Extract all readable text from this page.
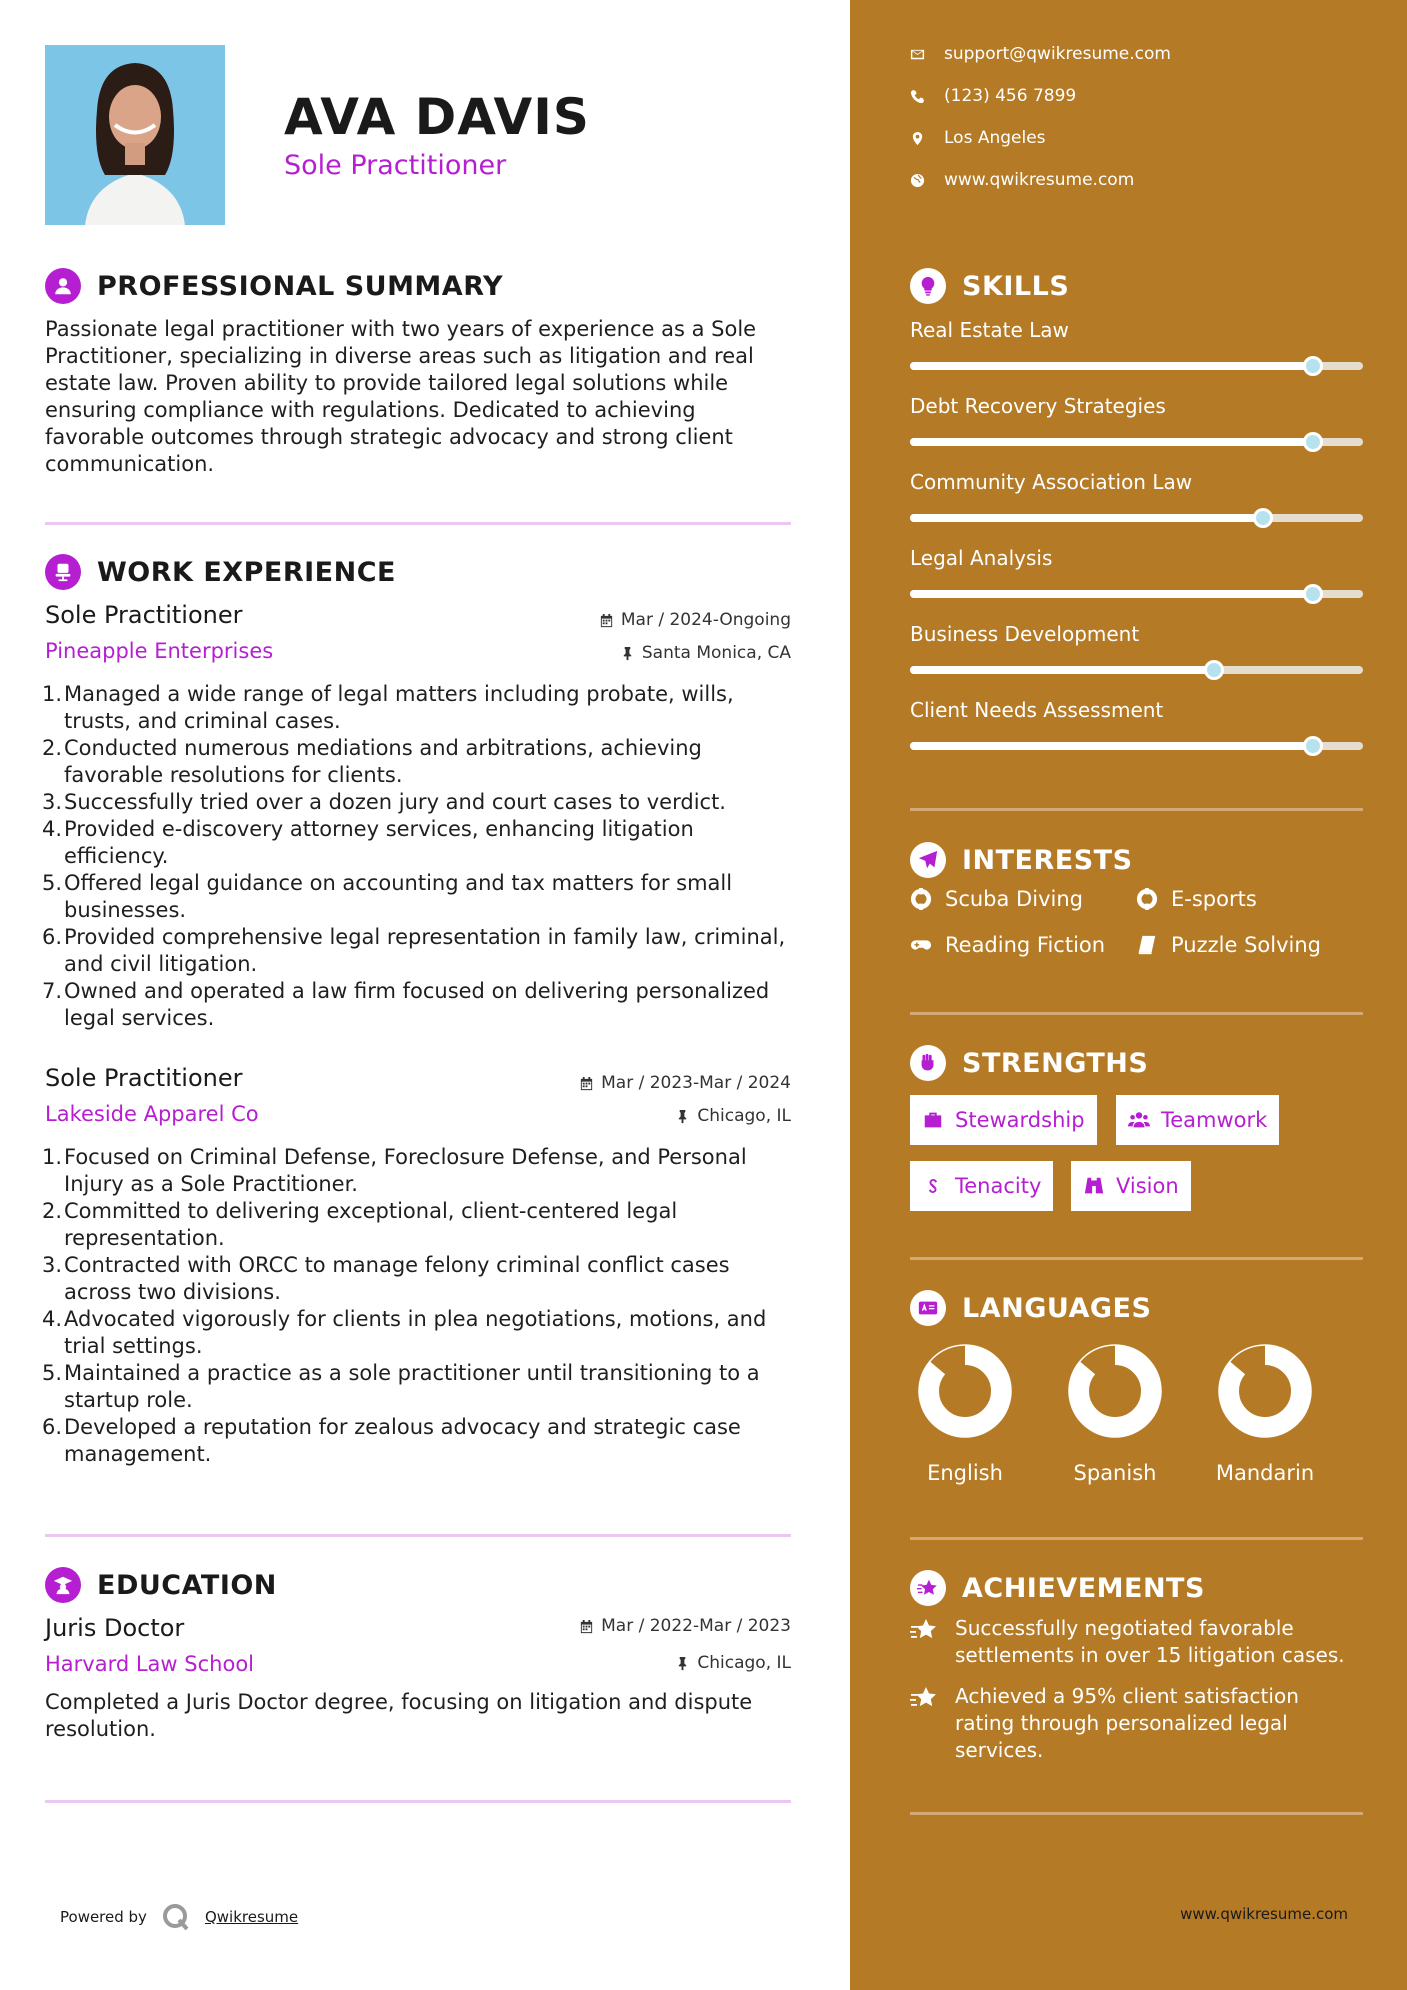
AVA DAVIS
Sole Practitioner
PROFESSIONAL SUMMARY
Passionate legal practitioner with two years of experience as a Sole
Practitioner, specializing in diverse areas such as litigation and real
estate law. Proven ability to provide tailored legal solutions while
ensuring compliance with regulations. Dedicated to achieving
favorable outcomes through strategic advocacy and strong client
communication.
WORK EXPERIENCE
Sole Practitioner	Mar / 2024-Ongoing
Pineapple Enterprises	Santa Monica, CA
1. Managed a wide range of legal matters including probate, wills,
trusts, and criminal cases.
2. Conducted numerous mediations and arbitrations, achieving
favorable resolutions for clients.
3. Successfully tried over a dozen jury and court cases to verdict.
4. Provided e-discovery attorney services, enhancing litigation
efficiency.
5. Offered legal guidance on accounting and tax matters for small
businesses.
6. Provided comprehensive legal representation in family law, criminal,
and civil litigation.
7. Owned and operated a law firm focused on delivering personalized
legal services.
Sole Practitioner	Mar / 2023-Mar / 2024
Lakeside Apparel Co	Chicago, IL
1. Focused on Criminal Defense, Foreclosure Defense, and Personal
Injury as a Sole Practitioner.
2. Committed to delivering exceptional, client-centered legal
representation.
3. Contracted with ORCC to manage felony criminal conflict cases
across two divisions.
4. Advocated vigorously for clients in plea negotiations, motions, and
trial settings.
5. Maintained a practice as a sole practitioner until transitioning to a
startup role.
6. Developed a reputation for zealous advocacy and strategic case
management.
EDUCATION
Juris Doctor	Mar / 2022-Mar / 2023
Harvard Law School	Chicago, IL
Completed a Juris Doctor degree, focusing on litigation and dispute
resolution.
Powered by	Qwikresume
support@qwikresume.com
(123) 456 7899
Los Angeles
www.qwikresume.com
SKILLS
Real Estate Law
Debt Recovery Strategies
Community Association Law
Legal Analysis
Business Development
Client Needs Assessment
INTERESTS
Scuba Diving	E-sports
Reading Fiction	Puzzle Solving
STRENGTHS
Stewardship	Teamwork
Tenacity	Vision
LANGUAGES
English	Spanish	Mandarin
ACHIEVEMENTS
Successfully negotiated favorable
settlements in over 15 litigation cases.
Achieved a 95% client satisfaction
rating through personalized legal
services.
www.qwikresume.com
